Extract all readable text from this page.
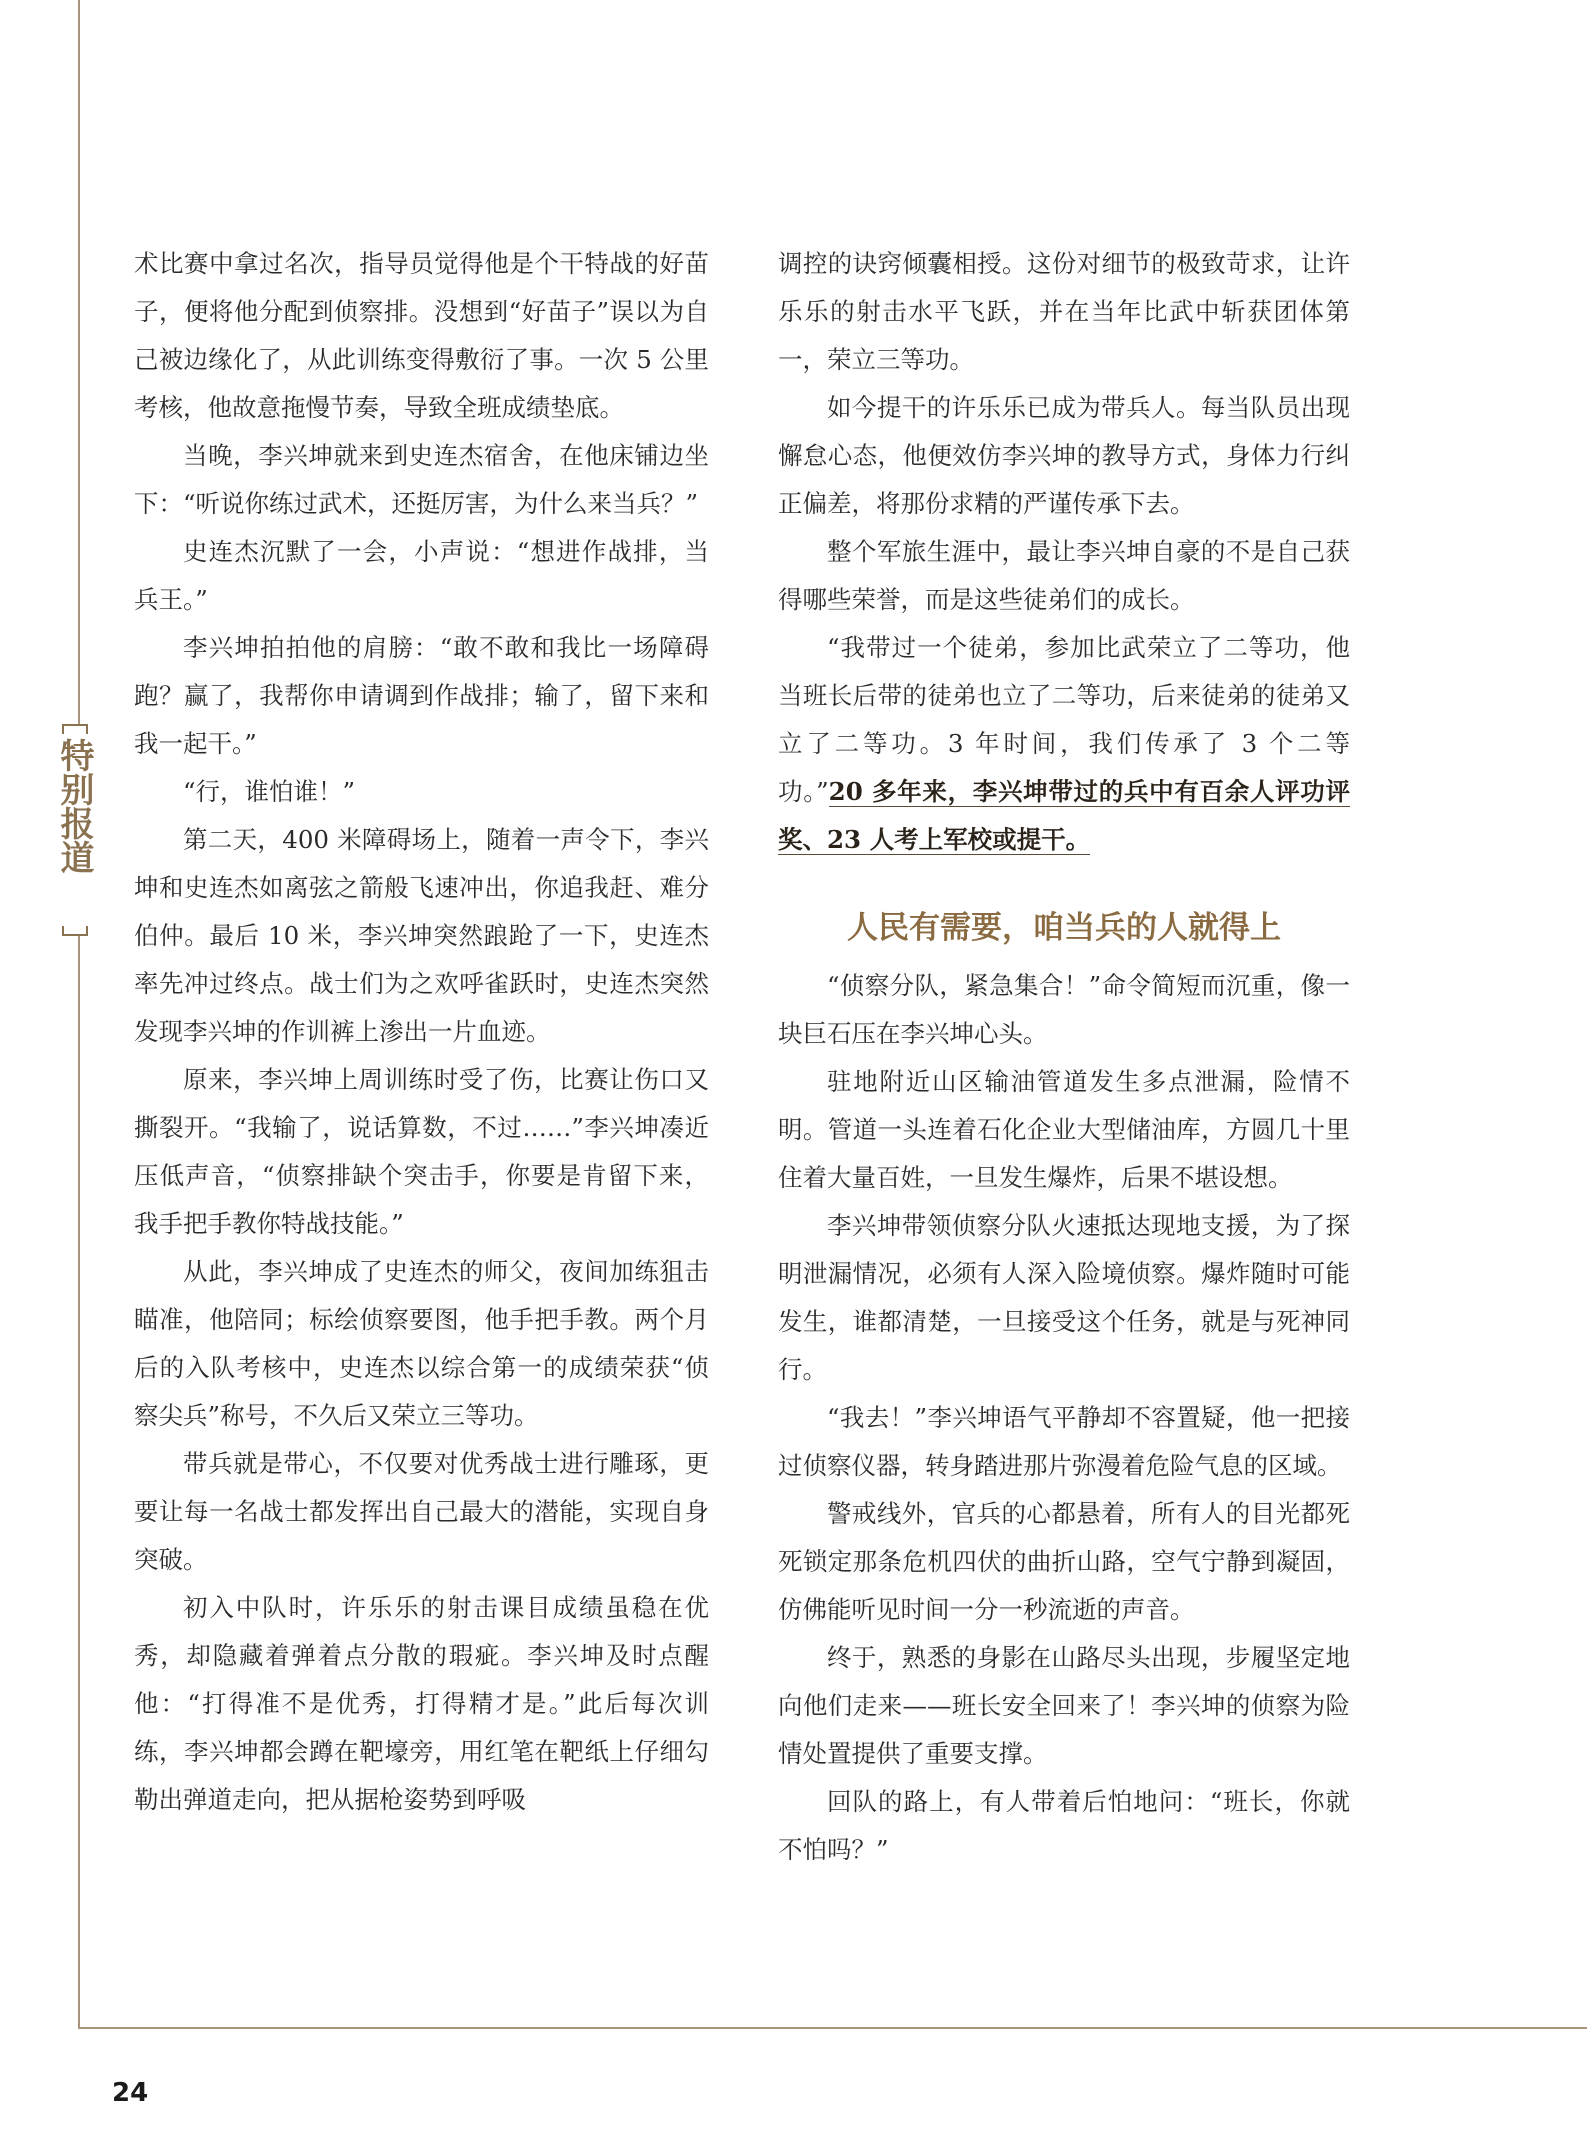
特别报道

术比赛中拿过名次，指导员觉得他是个干特战的好苗子，便将他分配到侦察排。没想到“好苗子”误以为自己被边缘化了，从此训练变得敷衍了事。一次 5 公里考核，他故意拖慢节奏，导致全班成绩垫底。

当晚，李兴坤就来到史连杰宿舍，在他床铺边坐下：“听说你练过武术，还挺厉害，为什么来当兵？”

史连杰沉默了一会，小声说：“想进作战排，当兵王。”

李兴坤拍拍他的肩膀：“敢不敢和我比一场障碍跑？赢了，我帮你申请调到作战排；输了，留下来和我一起干。”

“行，谁怕谁！”

第二天，400 米障碍场上，随着一声令下，李兴坤和史连杰如离弦之箭般飞速冲出，你追我赶、难分伯仲。最后 10 米，李兴坤突然踉跄了一下，史连杰率先冲过终点。战士们为之欢呼雀跃时，史连杰突然发现李兴坤的作训裤上渗出一片血迹。

原来，李兴坤上周训练时受了伤，比赛让伤口又撕裂开。“我输了，说话算数，不过……”李兴坤凑近压低声音，“侦察排缺个突击手，你要是肯留下来，我手把手教你特战技能。”

从此，李兴坤成了史连杰的师父，夜间加练狙击瞄准，他陪同；标绘侦察要图，他手把手教。两个月后的入队考核中，史连杰以综合第一的成绩荣获“侦察尖兵”称号，不久后又荣立三等功。

带兵就是带心，不仅要对优秀战士进行雕琢，更要让每一名战士都发挥出自己最大的潜能，实现自身突破。

初入中队时，许乐乐的射击课目成绩虽稳在优秀，却隐藏着弹着点分散的瑕疵。李兴坤及时点醒他：“打得准不是优秀，打得精才是。”此后每次训练，李兴坤都会蹲在靶壕旁，用红笔在靶纸上仔细勾勒出弹道走向，把从据枪姿势到呼吸

调控的诀窍倾囊相授。这份对细节的极致苛求，让许乐乐的射击水平飞跃，并在当年比武中斩获团体第一，荣立三等功。

如今提干的许乐乐已成为带兵人。每当队员出现懈怠心态，他便效仿李兴坤的教导方式，身体力行纠正偏差，将那份求精的严谨传承下去。

整个军旅生涯中，最让李兴坤自豪的不是自己获得哪些荣誉，而是这些徒弟们的成长。

“我带过一个徒弟，参加比武荣立了二等功，他当班长后带的徒弟也立了二等功，后来徒弟的徒弟又立了二等功。3 年时间，我们传承了 3 个二等功。”20 多年来，李兴坤带过的兵中有百余人评功评奖、23 人考上军校或提干。

人民有需要，咱当兵的人就得上

“侦察分队，紧急集合！”命令简短而沉重，像一块巨石压在李兴坤心头。

驻地附近山区输油管道发生多点泄漏，险情不明。管道一头连着石化企业大型储油库，方圆几十里住着大量百姓，一旦发生爆炸，后果不堪设想。

李兴坤带领侦察分队火速抵达现地支援，为了探明泄漏情况，必须有人深入险境侦察。爆炸随时可能发生，谁都清楚，一旦接受这个任务，就是与死神同行。

“我去！”李兴坤语气平静却不容置疑，他一把接过侦察仪器，转身踏进那片弥漫着危险气息的区域。

警戒线外，官兵的心都悬着，所有人的目光都死死锁定那条危机四伏的曲折山路，空气宁静到凝固，仿佛能听见时间一分一秒流逝的声音。

终于，熟悉的身影在山路尽头出现，步履坚定地向他们走来——班长安全回来了！李兴坤的侦察为险情处置提供了重要支撑。

回队的路上，有人带着后怕地问：“班长，你就不怕吗？”

24
